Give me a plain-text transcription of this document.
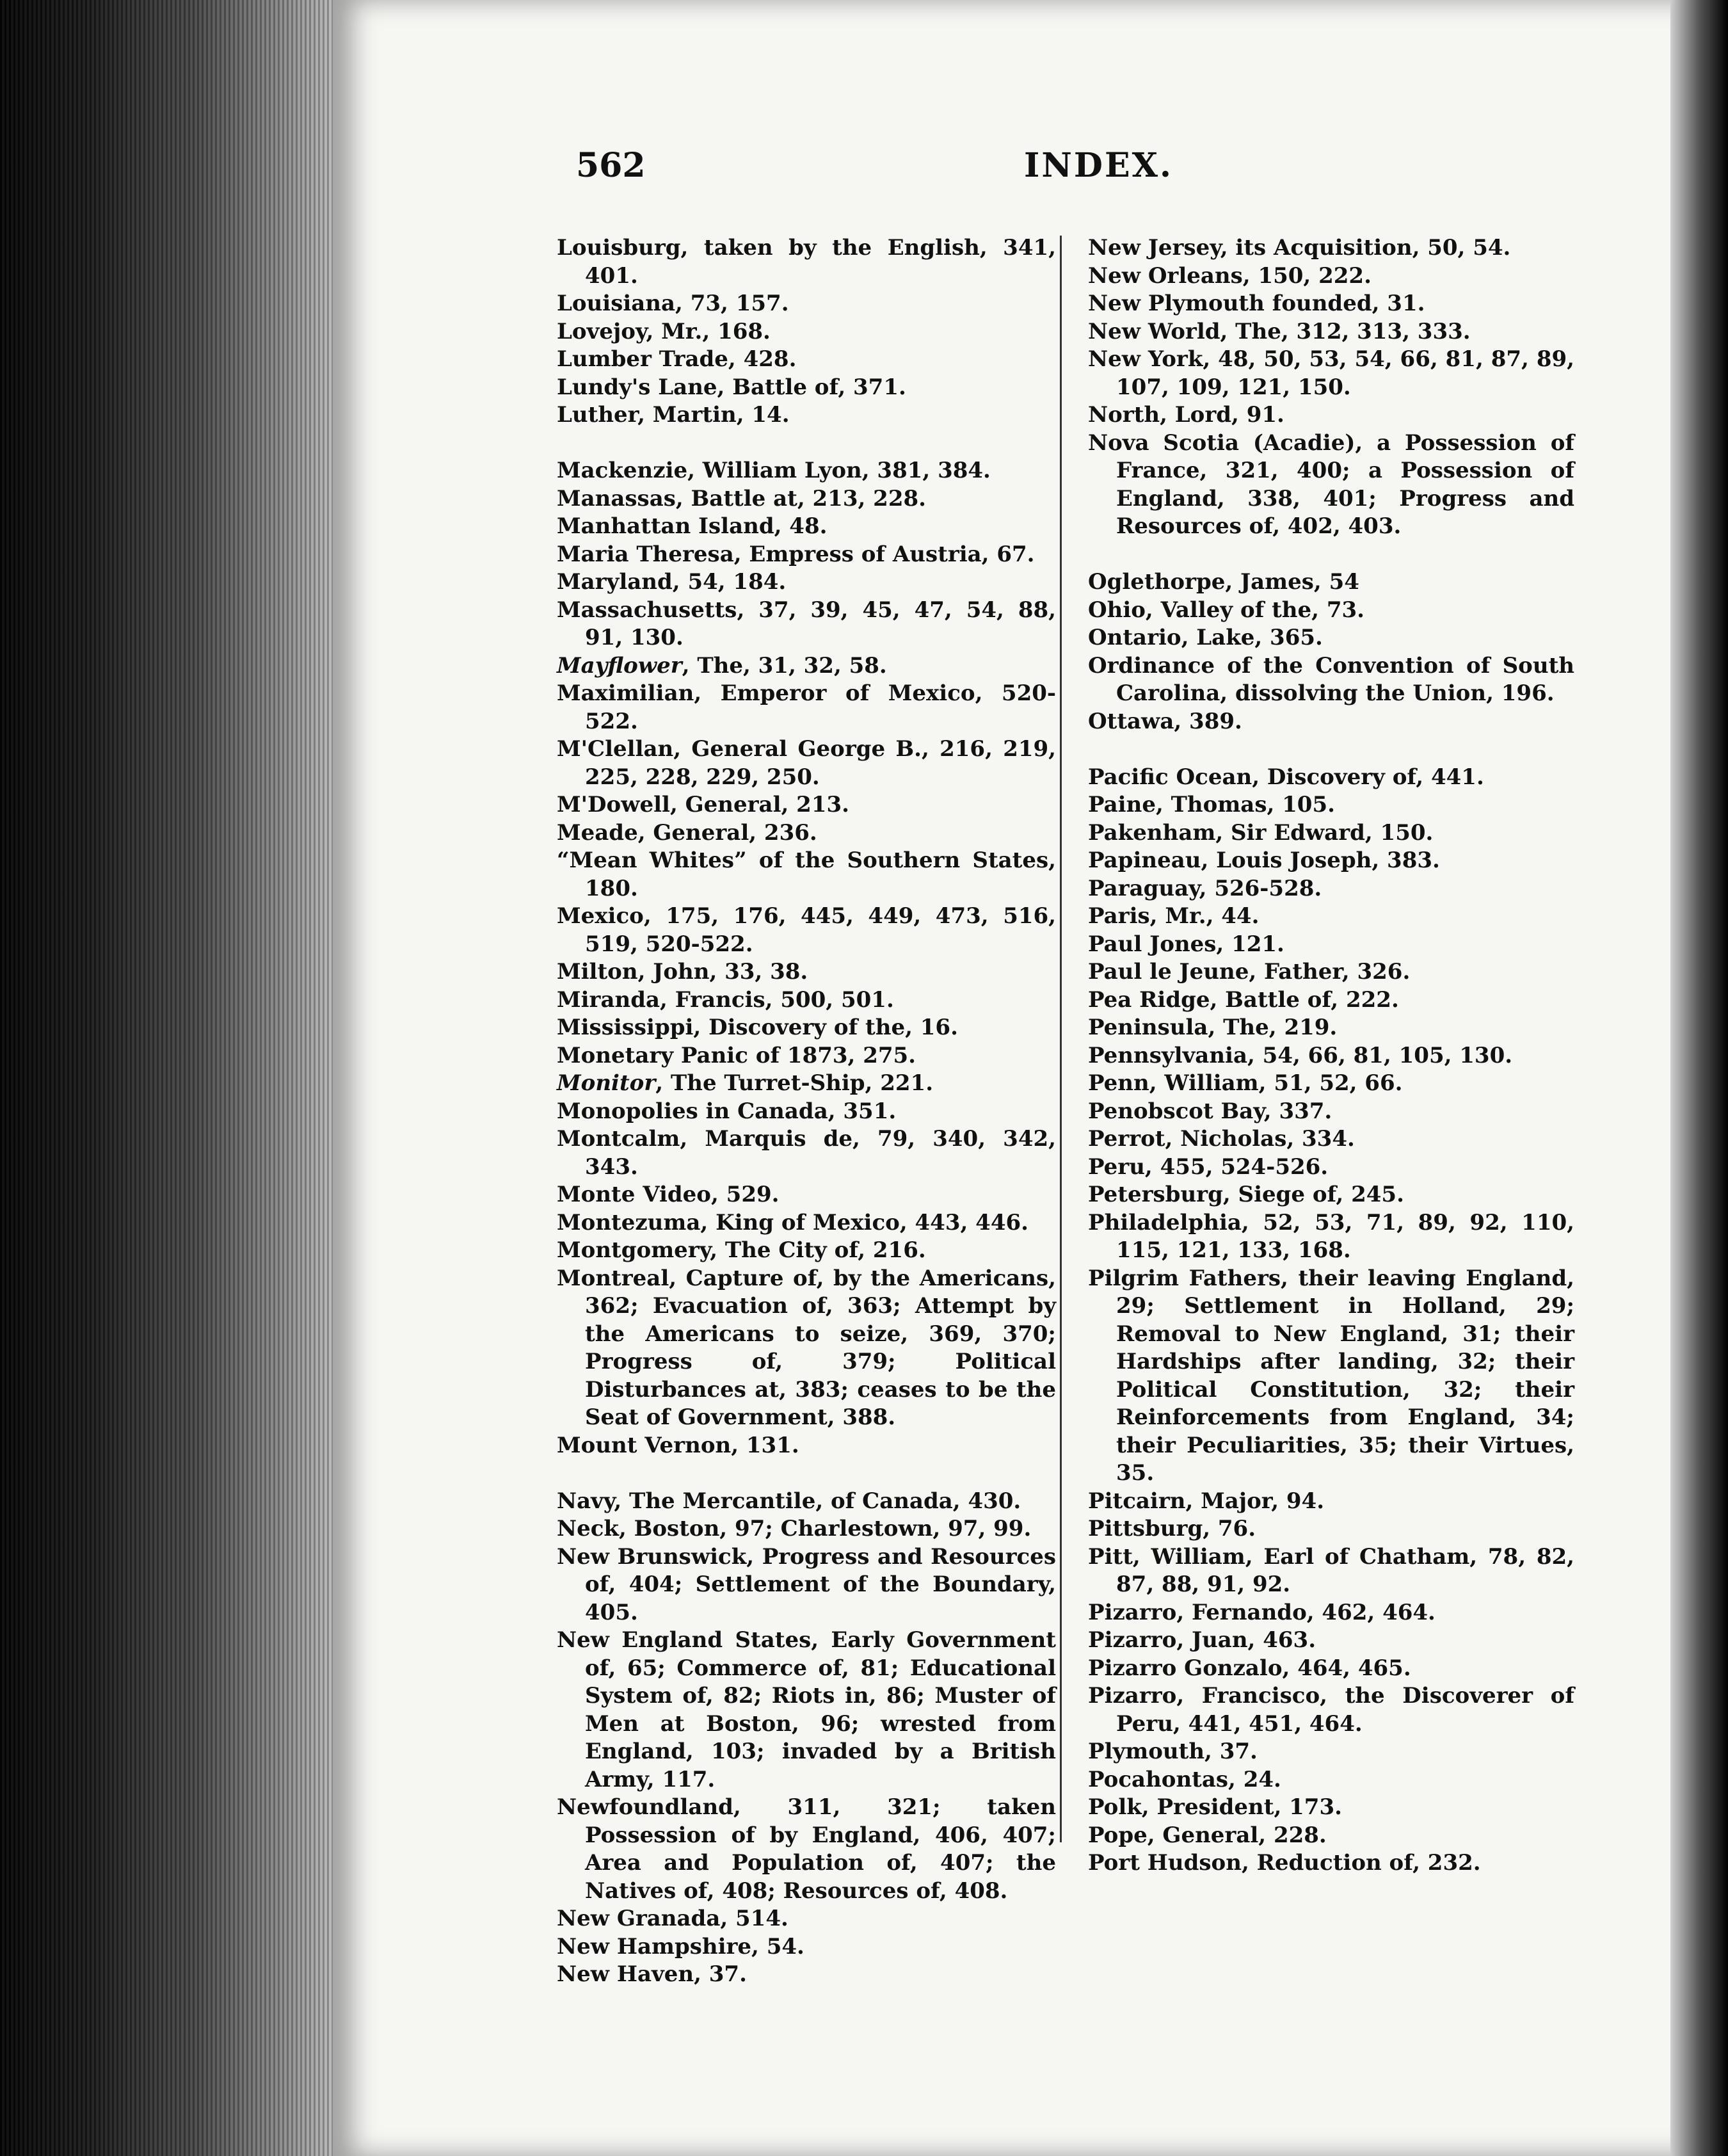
562	INDEX.

Louisburg, taken by the English, 341, 401.

Louisiana, 73, 157.

Lovejoy, Mr., 168.

Lumber Trade, 428.

Lundy's Lane, Battle of, 371.

Luther, Martin, 14.

Mackenzie, William Lyon, 381, 384.

Manassas, Battle at, 213, 228.

Manhattan Island, 48.

Maria Theresa, Empress of Austria, 67.

Maryland, 54, 184.

Massachusetts, 37, 39, 45, 47, 54, 88, 91, 130.

Mayflower, The, 31, 32, 58.

Maximilian, Emperor of Mexico, 520-522.

M'Clellan, General George B., 216, 219, 225, 228, 229, 250.

M'Dowell, General, 213.

Meade, General, 236.

“Mean Whites” of the Southern States, 180.

Mexico, 175, 176, 445, 449, 473, 516, 519, 520-522.

Milton, John, 33, 38.

Miranda, Francis, 500, 501.

Mississippi, Discovery of the, 16.

Monetary Panic of 1873, 275.

Monitor, The Turret-Ship, 221.

Monopolies in Canada, 351.

Montcalm, Marquis de, 79, 340, 342, 343.

Monte Video, 529.

Montezuma, King of Mexico, 443, 446.

Montgomery, The City of, 216.

Montreal, Capture of, by the Americans, 362; Evacuation of, 363; Attempt by the Americans to seize, 369, 370; Progress of, 379; Political Disturbances at, 383; ceases to be the Seat of Government, 388.

Mount Vernon, 131.

Navy, The Mercantile, of Canada, 430.

Neck, Boston, 97; Charlestown, 97, 99.

New Brunswick, Progress and Resources of, 404; Settlement of the Boundary, 405.

New England States, Early Government of, 65; Commerce of, 81; Educational System of, 82; Riots in, 86; Muster of Men at Boston, 96; wrested from England, 103; invaded by a British Army, 117.

Newfoundland, 311, 321; taken Possession of by England, 406, 407; Area and Population of, 407; the Natives of, 408; Resources of, 408.

New Granada, 514.

New Hampshire, 54.

New Haven, 37.

New Jersey, its Acquisition, 50, 54.

New Orleans, 150, 222.

New Plymouth founded, 31.

New World, The, 312, 313, 333.

New York, 48, 50, 53, 54, 66, 81, 87, 89, 107, 109, 121, 150.

North, Lord, 91.

Nova Scotia (Acadie), a Possession of France, 321, 400; a Possession of England, 338, 401; Progress and Resources of, 402, 403.

Oglethorpe, James, 54

Ohio, Valley of the, 73.

Ontario, Lake, 365.

Ordinance of the Convention of South Carolina, dissolving the Union, 196.

Ottawa, 389.

Pacific Ocean, Discovery of, 441.

Paine, Thomas, 105.

Pakenham, Sir Edward, 150.

Papineau, Louis Joseph, 383.

Paraguay, 526-528.

Paris, Mr., 44.

Paul Jones, 121.

Paul le Jeune, Father, 326.

Pea Ridge, Battle of, 222.

Peninsula, The, 219.

Pennsylvania, 54, 66, 81, 105, 130.

Penn, William, 51, 52, 66.

Penobscot Bay, 337.

Perrot, Nicholas, 334.

Peru, 455, 524-526.

Petersburg, Siege of, 245.

Philadelphia, 52, 53, 71, 89, 92, 110, 115, 121, 133, 168.

Pilgrim Fathers, their leaving England, 29; Settlement in Holland, 29; Removal to New England, 31; their Hardships after landing, 32; their Political Constitution, 32; their Reinforcements from England, 34; their Peculiarities, 35; their Virtues, 35.

Pitcairn, Major, 94.

Pittsburg, 76.

Pitt, William, Earl of Chatham, 78, 82, 87, 88, 91, 92.

Pizarro, Fernando, 462, 464.

Pizarro, Juan, 463.

Pizarro Gonzalo, 464, 465.

Pizarro, Francisco, the Discoverer of Peru, 441, 451, 464.

Plymouth, 37.

Pocahontas, 24.

Polk, President, 173.

Pope, General, 228.

Port Hudson, Reduction of, 232.
